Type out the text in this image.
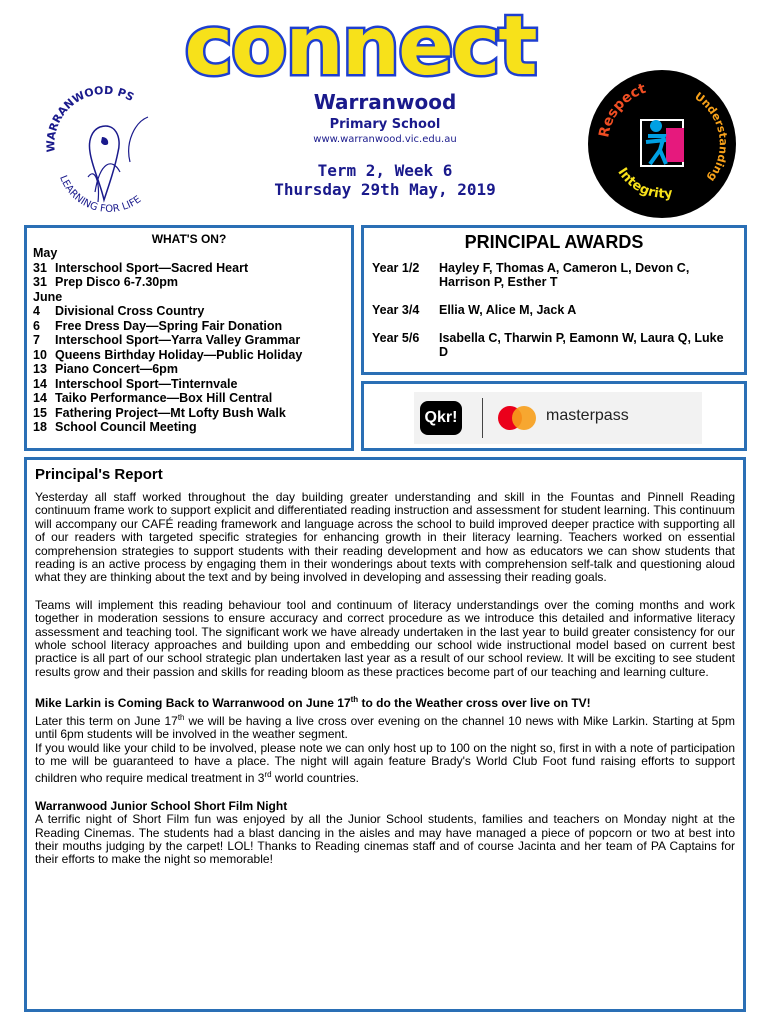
connect
Warranwood
Primary School
www.warranwood.vic.edu.au
Term 2, Week 6
Thursday 29th May, 2019
WARRANWOOD PS
LEARNING FOR LIFE
Respect	Understanding
Integrity
WHAT'S ON?
May
31 Interschool Sport—Sacred Heart
31 Prep Disco 6-7.30pm
June
4	Divisional Cross Country
6	Free Dress Day—Spring Fair Donation
7	Interschool Sport—Yarra Valley Grammar
10 Queens Birthday Holiday—Public Holiday
13 Piano Concert—6pm
14 Interschool Sport—Tinternvale
14 Taiko Performance—Box Hill Central
15 Fathering Project—Mt Lofty Bush Walk
18 School Council Meeting
PRINCIPAL AWARDS
Year 1/2	Hayley F, Thomas A, Cameron L, Devon C, Harrison P, Esther T
Year 3/4	Ellia W, Alice M, Jack A
Year 5/6	Isabella C, Tharwin P, Eamonn W, Laura Q, Luke D
Qkr!	masterpass
Principal's Report

Yesterday all staff worked throughout the day building greater understanding and skill in the Fountas and Pinnell Reading continuum frame work to support explicit and differentiated reading instruction and assessment for student learning. This continuum will accompany our CAFÉ reading framework and language across the school to build improved deeper practice with supporting all of our readers with targeted specific strategies for enhancing growth in their literacy learning. Teachers worked on essential comprehension strategies to support students with their reading development and how as educators we can show students that reading is an active process by engaging them in their wonderings about texts with comprehension self-talk and questioning aloud what they are thinking about the text and by being involved in developing and assessing their reading goals.

Teams will implement this reading behaviour tool and continuum of literacy understandings over the coming months and work together in moderation sessions to ensure accuracy and correct procedure as we introduce this detailed and informative literacy assessment and teaching tool. The significant work we have already undertaken in the last year to build greater consistency for our whole school literacy approaches and building upon and embedding our school wide instructional model based on current best practice is all part of our school strategic plan undertaken last year as a result of our school review. It will be exciting to see student results grow and their passion and skills for reading bloom as these practices become part of our teaching and learning culture.

Mike Larkin is Coming Back to Warranwood on June 17th to do the Weather cross over live on TV!
Later this term on June 17th we will be having a live cross over evening on the channel 10 news with Mike Larkin. Starting at 5pm until 6pm students will be involved in the weather segment.
If you would like your child to be involved, please note we can only host up to 100 on the night so, first in with a note of participation to me will be guaranteed to have a place. The night will again feature Brady's World Club Foot fund raising efforts to support children who require medical treatment in 3rd world countries.

Warranwood Junior School Short Film Night
A terrific night of Short Film fun was enjoyed by all the Junior School students, families and teachers on Monday night at the Reading Cinemas. The students had a blast dancing in the aisles and may have managed a piece of popcorn or two at best into their mouths judging by the carpet! LOL! Thanks to Reading cinemas staff and of course Jacinta and her team of PA Captains for their efforts to make the night so memorable!
